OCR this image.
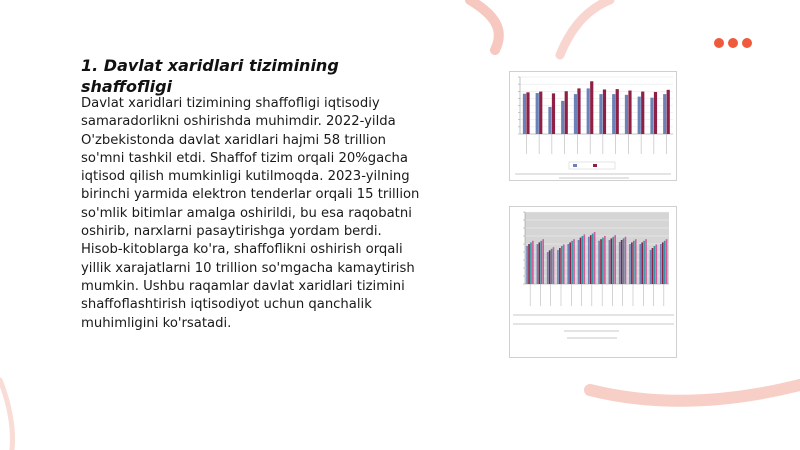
1. Davlat xaridlari tizimining shaffofligi
Davlat xaridlari tizimining shaffofligi iqtisodiy samaradorlikni oshirishda muhimdir. 2022-yilda O'zbekistonda davlat xaridlari hajmi 58 trillion so'mni tashkil etdi. Shaffof tizim orqali 20%gacha iqtisod qilish mumkinligi kutilmoqda. 2023-yilning birinchi yarmida elektron tenderlar orqali 15 trillion so'mlik bitimlar amalga oshirildi, bu esa raqobatni oshirib, narxlarni pasaytirishga yordam berdi. Hisob-kitoblarga ko'ra, shaffoflikni oshirish orqali yillik xarajatlarni 10 trillion so'mgacha kamaytirish mumkin. Ushbu raqamlar davlat xaridlari tizimini shaffoflashtirish iqtisodiyot uchun qanchalik muhimligini ko'rsatadi.
